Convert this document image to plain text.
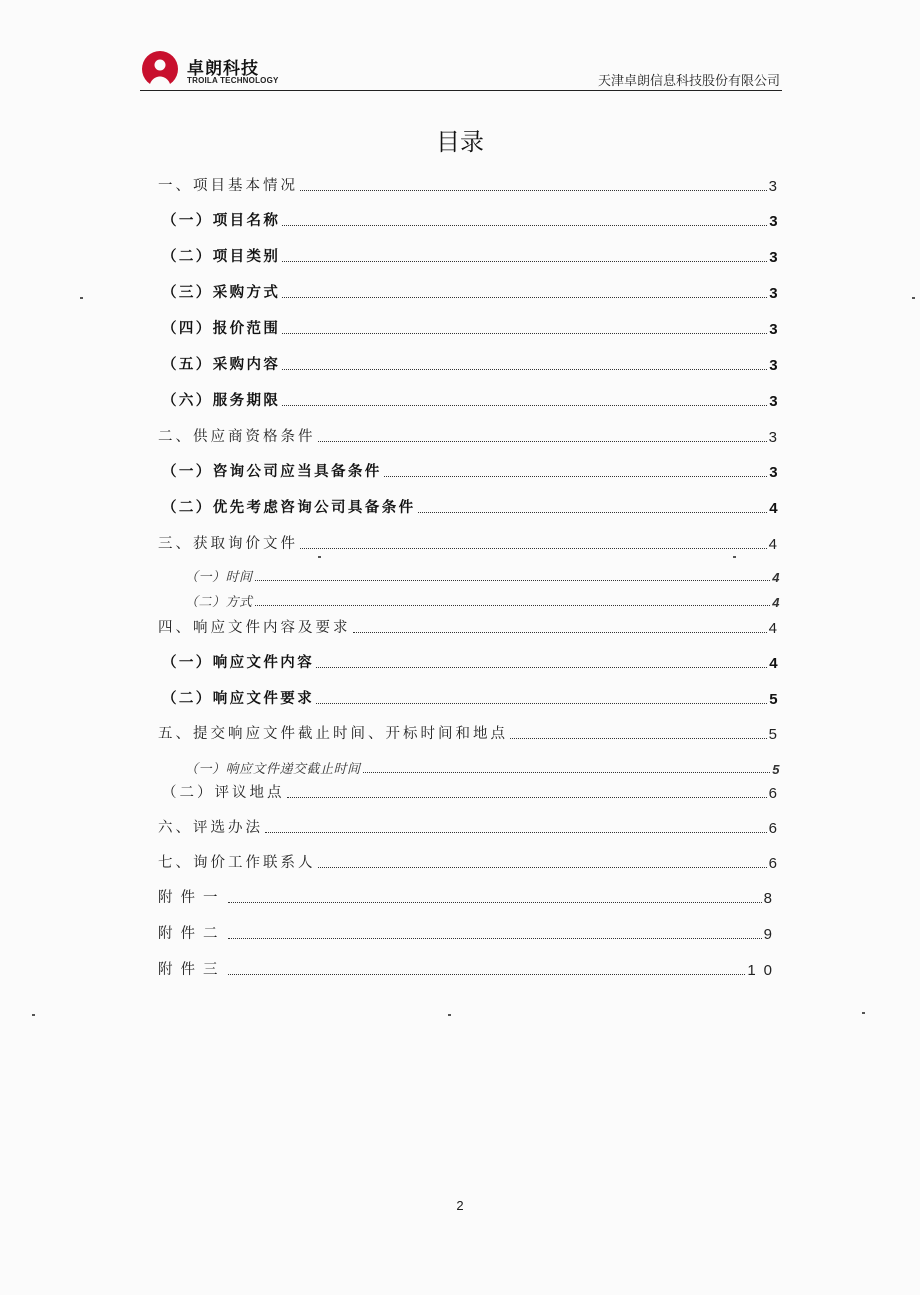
卓朗科技
TROILA TECHNOLOGY	天津卓朗信息科技股份有限公司
目录
一、项目基本情况	3
（一）项目名称	3
（二）项目类别	3
（三）采购方式	3
（四）报价范围	3
（五）采购内容	3
（六）服务期限	3
二、供应商资格条件	3
（一）咨询公司应当具备条件	3
（二）优先考虑咨询公司具备条件	4
三、获取询价文件	4
（一）时间	4
（二）方式	4
四、响应文件内容及要求	4
（一）响应文件内容	4
（二）响应文件要求	5
五、提交响应文件截止时间、开标时间和地点	5
（一）响应文件递交截止时间	5
（二）评议地点	6
六、评选办法	6
七、询价工作联系人	6
附件一	8
附件二	9
附件三	10
2
